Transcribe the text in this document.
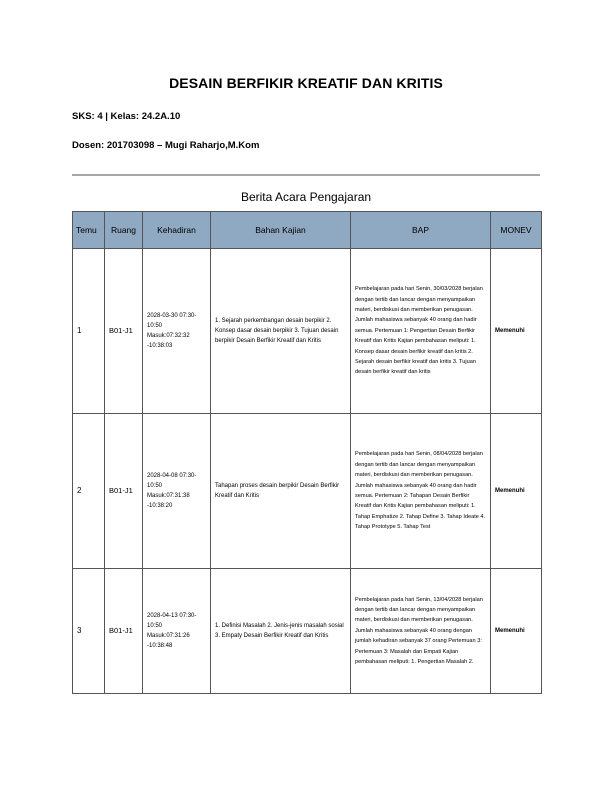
DESAIN BERFIKIR KREATIF DAN KRITIS
SKS: 4 | Kelas: 24.2A.10
Dosen: 201703098 – Mugi Raharjo,M.Kom
Berita Acara Pengajaran
Temu	Ruang	Kehadiran	Bahan Kajian	BAP	MONEV
1	B01-J1	2028-03-30 07:30-10:50 Masuk:07:32:32 -10:38:03	1. Sejarah perkembangan desain berpikir 2. Konsep dasar desain berpikir 3. Tujuan desain berpikir Desain Berfikir Kreatif dan Kritis	Pembelajaran pada hari Senin, 30/03/2028 berjalan dengan tertib dan lancar dengan menyampaikan materi, berdiskusi dan memberikan penugasan. Jumlah mahasiswa sebanyak 40 orang dan hadir semua. Pertemuan 1: Pengertian Desain Berfikir Kreatif dan Kritis Kajian pembahasan meliputi: 1. Konsep dasar desain berfikir kreatif dan kritis 2. Sejarah desain berfikir kreatif dan kritis 3. Tujuan desain berfikir kreatif dan kritis	Memenuhi
2	B01-J1	2028-04-08 07:30-10:50 Masuk:07:31:38 -10:38:20	Tahapan proses desain berpikir Desain Berfikir Kreatif dan Kritis	Pembelajaran pada hari Senin, 08/04/2028 berjalan dengan tertib dan lancar dengan menyampaikan materi, berdiskusi dan memberikan penugasan. Jumlah mahasiswa sebanyak 40 orang dan hadir semua. Pertemuan 2: Tahapan Desain Berfikir Kreatif dan Kritis Kajian pembahasan meliputi: 1. Tahap Emphatize 2. Tahap Define 3. Tahap Ideate 4. Tahap Prototype 5. Tahap Test	Memenuhi
3	B01-J1	2028-04-13 07:30-10:50 Masuk:07:31:26 -10:38:48	1. Definisi Masalah 2. Jenis-jenis masalah sosial 3. Empaty Desain Berfikir Kreatif dan Kritis	Pembelajaran pada hari Senin, 13/04/2028 berjalan dengan tertib dan lancar dengan menyampaikan materi, berdiskusi dan memberikan penugasan. Jumlah mahasiswa sebanyak 40 orang dengan jumlah kehadiran sebanyak 37 orang Pertemuan 3: Pertemuan 3: Masalah dan Empati Kajian pembahasan meliputi: 1. Pengertian Masalah 2.	Memenuhi
